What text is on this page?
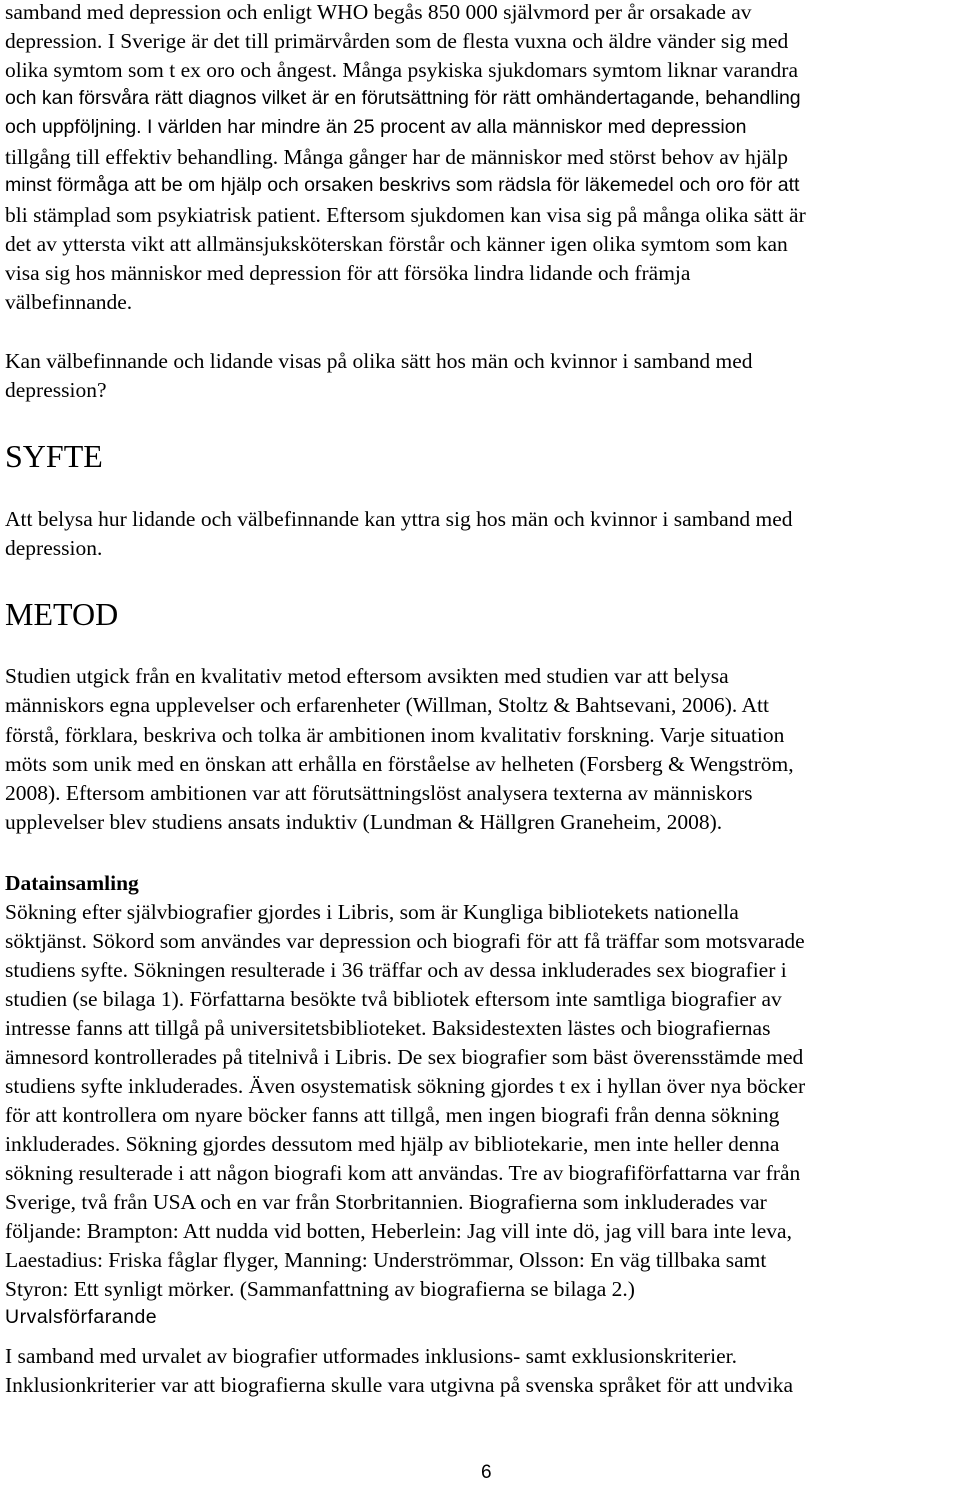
samband med depression och enligt WHO begås 850 000 självmord per år orsakade av
depression. I Sverige är det till primärvården som de flesta vuxna och äldre vänder sig med
olika symtom som t ex oro och ångest. Många psykiska sjukdomars symtom liknar varandra
och kan försvåra rätt diagnos vilket är en förutsättning för rätt omhändertagande, behandling
och uppföljning. I världen har mindre än 25 procent av alla människor med depression
tillgång till effektiv behandling. Många gånger har de människor med störst behov av hjälp
minst förmåga att be om hjälp och orsaken beskrivs som rädsla för läkemedel och oro för att
bli stämplad som psykiatrisk patient. Eftersom sjukdomen kan visa sig på många olika sätt är
det av yttersta vikt att allmänsjuksköterskan förstår och känner igen olika symtom som kan
visa sig hos människor med depression för att försöka lindra lidande och främja
välbefinnande.
Kan välbefinnande och lidande visas på olika sätt hos män och kvinnor i samband med
depression?
SYFTE
Att belysa hur lidande och välbefinnande kan yttra sig hos män och kvinnor i samband med
depression.
METOD
Studien utgick från en kvalitativ metod eftersom avsikten med studien var att belysa
människors egna upplevelser och erfarenheter (Willman, Stoltz & Bahtsevani, 2006). Att
förstå, förklara, beskriva och tolka är ambitionen inom kvalitativ forskning. Varje situation
möts som unik med en önskan att erhålla en förståelse av helheten (Forsberg & Wengström,
2008). Eftersom ambitionen var att förutsättningslöst analysera texterna av människors
upplevelser blev studiens ansats induktiv (Lundman & Hällgren Graneheim, 2008).
Datainsamling
Sökning efter självbiografier gjordes i Libris, som är Kungliga bibliotekets nationella
söktjänst. Sökord som användes var depression och biografi för att få träffar som motsvarade
studiens syfte. Sökningen resulterade i 36 träffar och av dessa inkluderades sex biografier i
studien (se bilaga 1). Författarna besökte två bibliotek eftersom inte samtliga biografier av
intresse fanns att tillgå på universitetsbiblioteket. Baksidestexten lästes och biografiernas
ämnesord kontrollerades på titelnivå i Libris. De sex biografier som bäst överensstämde med
studiens syfte inkluderades. Även osystematisk sökning gjordes t ex i hyllan över nya böcker
för att kontrollera om nyare böcker fanns att tillgå, men ingen biografi från denna sökning
inkluderades. Sökning gjordes dessutom med hjälp av bibliotekarie, men inte heller denna
sökning resulterade i att någon biografi kom att användas. Tre av biografiförfattarna var från
Sverige, två från USA och en var från Storbritannien. Biografierna som inkluderades var
följande: Brampton: Att nudda vid botten, Heberlein: Jag vill inte dö, jag vill bara inte leva,
Laestadius: Friska fåglar flyger, Manning: Underströmmar, Olsson: En väg tillbaka samt
Styron: Ett synligt mörker. (Sammanfattning av biografierna se bilaga 2.)
Urvalsförfarande
I samband med urvalet av biografier utformades inklusions- samt exklusionskriterier.
Inklusionkriterier var att biografierna skulle vara utgivna på svenska språket för att undvika
6
